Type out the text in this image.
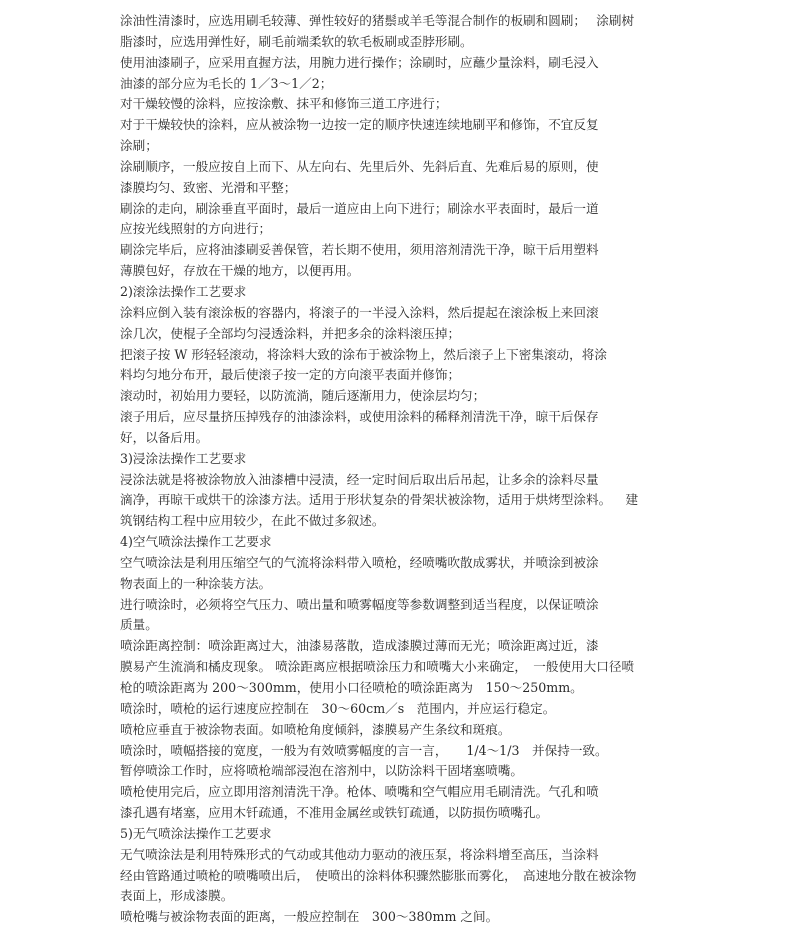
涂油性清漆时，应选用刷毛较薄、弹性较好的猪鬃或羊毛等混合制作的板刷和圆刷；　 涂刷树
脂漆时，应选用弹性好，刷毛前端柔软的软毛板刷或歪脖形刷。
使用油漆刷子，应采用直握方法，用腕力进行操作；涂刷时，应蘸少量涂料，刷毛浸入
油漆的部分应为毛长的 1／3～1／2；
对干燥较慢的涂料，应按涂敷、抹平和修饰三道工序进行；
对于干燥较快的涂料，应从被涂物一边按一定的顺序快速连续地刷平和修饰，不宜反复
涂刷；
涂刷顺序，一般应按自上而下、从左向右、先里后外、先斜后直、先难后易的原则，使
漆膜均匀、致密、光滑和平整；
刷涂的走向，刷涂垂直平面时，最后一道应由上向下进行；刷涂水平表面时，最后一道
应按光线照射的方向进行；
刷涂完毕后，应将油漆刷妥善保管，若长期不使用，须用溶剂清洗干净，晾干后用塑料
薄膜包好，存放在干燥的地方，以便再用。
2)滚涂法操作工艺要求
涂料应倒入装有滚涂板的容器内，将滚子的一半浸入涂料，然后提起在滚涂板上来回滚
涂几次，使棍子全部均匀浸透涂料，并把多余的涂料滚压掉；
把滚子按 W 形轻轻滚动，将涂料大致的涂布于被涂物上，然后滚子上下密集滚动，将涂
料均匀地分布开，最后使滚子按一定的方向滚平表面并修饰；
滚动时，初始用力要轻，以防流淌，随后逐渐用力，使涂层均匀；
滚子用后，应尽量挤压掉残存的油漆涂料，或使用涂料的稀释剂清洗干净，晾干后保存
好，以备后用。
3)浸涂法操作工艺要求
浸涂法就是将被涂物放入油漆槽中浸渍，经一定时间后取出后吊起，让多余的涂料尽量
滴净，再晾干或烘干的涂漆方法。适用于形状复杂的骨架状被涂物，适用于烘烤型涂料。　  建
筑钢结构工程中应用较少，在此不做过多叙述。
4)空气喷涂法操作工艺要求
空气喷涂法是利用压缩空气的气流将涂料带入喷枪，经喷嘴吹散成雾状，并喷涂到被涂
物表面上的一种涂装方法。
进行喷涂时，必须将空气压力、喷出量和喷雾幅度等参数调整到适当程度，以保证喷涂
质量。
喷涂距离控制：喷涂距离过大，油漆易落散，造成漆膜过薄而无光；喷涂距离过近，漆
膜易产生流淌和橘皮现象。 喷涂距离应根据喷涂压力和喷嘴大小来确定，　一般使用大口径喷
枪的喷涂距离为 200～300mm，使用小口径喷枪的喷涂距离为　150～250mm。
喷涂时，喷枪的运行速度应控制在　30～60cm／s　范围内，并应运行稳定。
喷枪应垂直于被涂物表面。如喷枪角度倾斜，漆膜易产生条纹和斑痕。
喷涂时，喷幅搭接的宽度，一般为有效喷雾幅度的言一言，　　1/4～1/3　并保持一致。
暂停喷涂工作时，应将喷枪端部浸泡在溶剂中，以防涂料干固堵塞喷嘴。
喷枪使用完后，应立即用溶剂清洗干净。枪体、喷嘴和空气帽应用毛刷清洗。气孔和喷
漆孔遇有堵塞，应用木钎疏通，不准用金属丝或铁钉疏通，以防损伤喷嘴孔。
5)无气喷涂法操作工艺要求
无气喷涂法是利用特殊形式的气动或其他动力驱动的液压泵，将涂料增至高压，当涂料
经由管路通过喷枪的喷嘴喷出后，　使喷出的涂料体积骤然膨胀而雾化，　高速地分散在被涂物
表面上，形成漆膜。
喷枪嘴与被涂物表面的距离，一般应控制在　300～380mm 之间。
